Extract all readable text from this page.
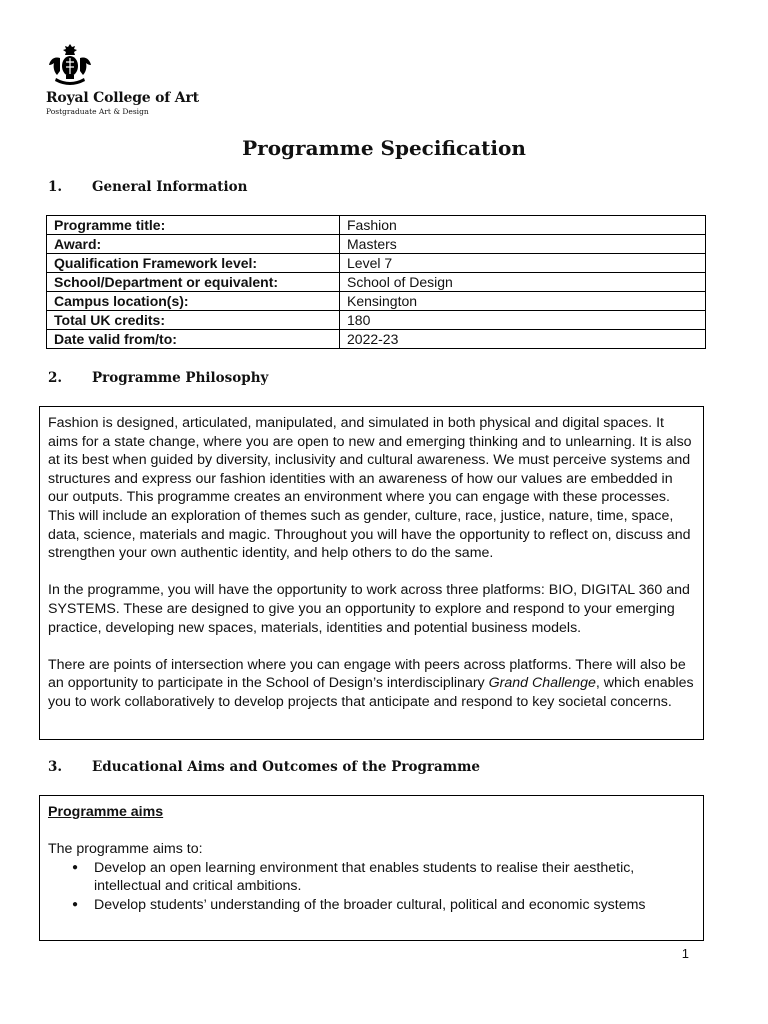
Royal College of Art
Postgraduate Art & Design
Programme Specification
1. General Information
Programme title:	Fashion
Award:	Masters
Qualification Framework level:	Level 7
School/Department or equivalent:	School of Design
Campus location(s):	Kensington
Total UK credits:	180
Date valid from/to:	2022-23
2. Programme Philosophy

Fashion is designed, articulated, manipulated, and simulated in both physical and digital spaces. It aims for a state change, where you are open to new and emerging thinking and to unlearning. It is also at its best when guided by diversity, inclusivity and cultural awareness. We must perceive systems and structures and express our fashion identities with an awareness of how our values are embedded in our outputs. This programme creates an environment where you can engage with these processes. This will include an exploration of themes such as gender, culture, race, justice, nature, time, space, data, science, materials and magic. Throughout you will have the opportunity to reflect on, discuss and strengthen your own authentic identity, and help others to do the same.

In the programme, you will have the opportunity to work across three platforms: BIO, DIGITAL 360 and SYSTEMS. These are designed to give you an opportunity to explore and respond to your emerging practice, developing new spaces, materials, identities and potential business models.

There are points of intersection where you can engage with peers across platforms. There will also be an opportunity to participate in the School of Design’s interdisciplinary Grand Challenge, which enables you to work collaboratively to develop projects that anticipate and respond to key societal concerns.

3. Educational Aims and Outcomes of the Programme

Programme aims

The programme aims to:

● Develop an open learning environment that enables students to realise their aesthetic, intellectual and critical ambitions.
● Develop students’ understanding of the broader cultural, political and economic systems
1
